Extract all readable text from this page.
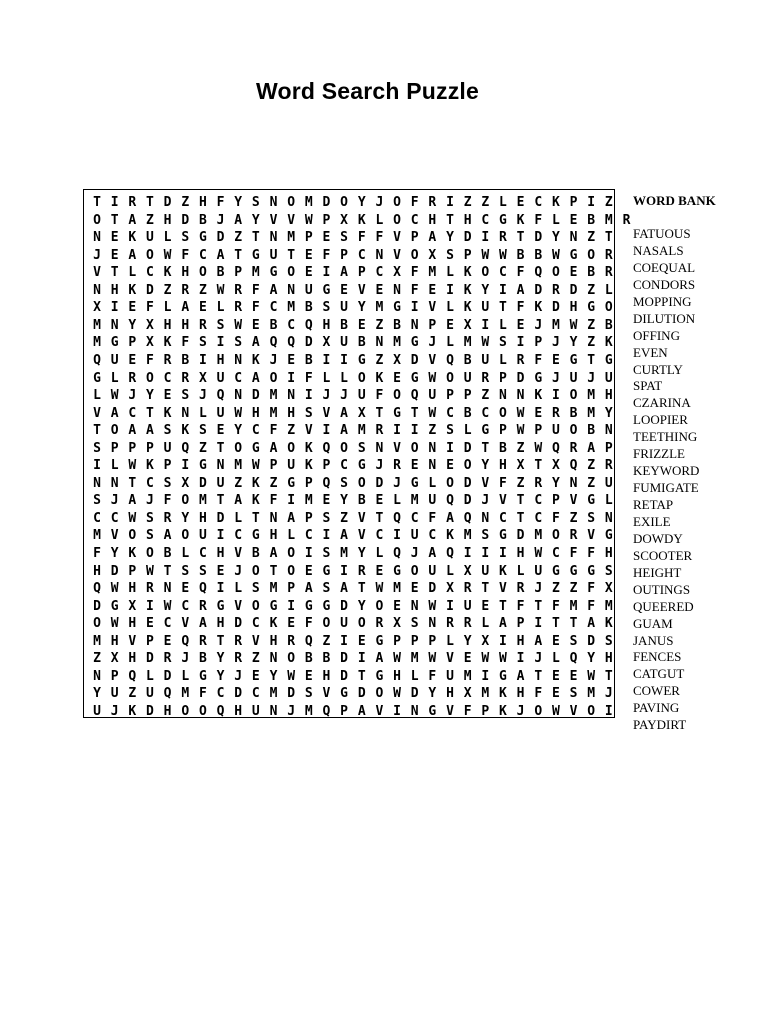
Word Search Puzzle
T I R T D Z H F Y S N O M D O Y J O F R I Z Z L E C K P I Z
O T A Z H D B J A Y V V W P X K L O C H T H C G K F L E B M R
N E K U L S G D Z T N M P E S F F V P A Y D I R T D Y N Z T
J E A O W F C A T G U T E F P C N V O X S P W W B B W G O R
V T L C K H O B P M G O E I A P C X F M L K O C F Q O E B R
N H K D Z R Z W R F A N U G E V E N F E I K Y I A D R D Z L
X I E F L A E L R F C M B S U Y M G I V L K U T F K D H G O
M N Y X H H R S W E B C Q H B E Z B N P E X I L E J M W Z B
M G P X K F S I S A Q Q D X U B N M G J L M W S I P J Y Z K
Q U E F R B I H N K J E B I I G Z X D V Q B U L R F E G T G
G L R O C R X U C A O I F L L O K E G W O U R P D G J U J U
L W J Y E S J Q N D M N I J J U F O Q U P P Z N N K I O M H
V A C T K N L U W H M H S V A X T G T W C B C O W E R B M Y
T O A A S K S E Y C F Z V I A M R I I Z S L G P W P U O B N
S P P P U Q Z T O G A O K Q O S N V O N I D T B Z W Q R A P
I L W K P I G N M W P U K P C G J R E N E O Y H X T X Q Z R
N N T C S X D U Z K Z G P Q S O D J G L O D V F Z R Y N Z U
S J A J F O M T A K F I M E Y B E L M U Q D J V T C P V G L
C C W S R Y H D L T N A P S Z V T Q C F A Q N C T C F Z S N
M V O S A O U I C G H L C I A V C I U C K M S G D M O R V G
F Y K O B L C H V B A O I S M Y L Q J A Q I I I H W C F F H
H D P W T S S E J O T O E G I R E G O U L X U K L U G G G S
Q W H R N E Q I L S M P A S A T W M E D X R T V R J Z Z F X
D G X I W C R G V O G I G G D Y O E N W I U E T F T F M F M
O W H E C V A H D C K E F O U O R X S N R R L A P I T T A K
M H V P E Q R T R V H R Q Z I E G P P P L Y X I H A E S D S
Z X H D R J B Y R Z N O B B D I A W M W V E W W I J L Q Y H
N P Q L D L G Y J E Y W E H D T G H L F U M I G A T E E W T
Y U Z U Q M F C D C M D S V G D O W D Y H X M K H F E S M J
U J K D H O O Q H U N J M Q P A V I N G V F P K J O W V O I
WORD BANK
FATUOUS
NASALS
COEQUAL
CONDORS
MOPPING
DILUTION
OFFING
EVEN
CURTLY
SPAT
CZARINA
LOOPIER
TEETHING
FRIZZLE
KEYWORD
FUMIGATE
RETAP
EXILE
DOWDY
SCOOTER
HEIGHT
OUTINGS
QUEERED
GUAM
JANUS
FENCES
CATGUT
COWER
PAVING
PAYDIRT
